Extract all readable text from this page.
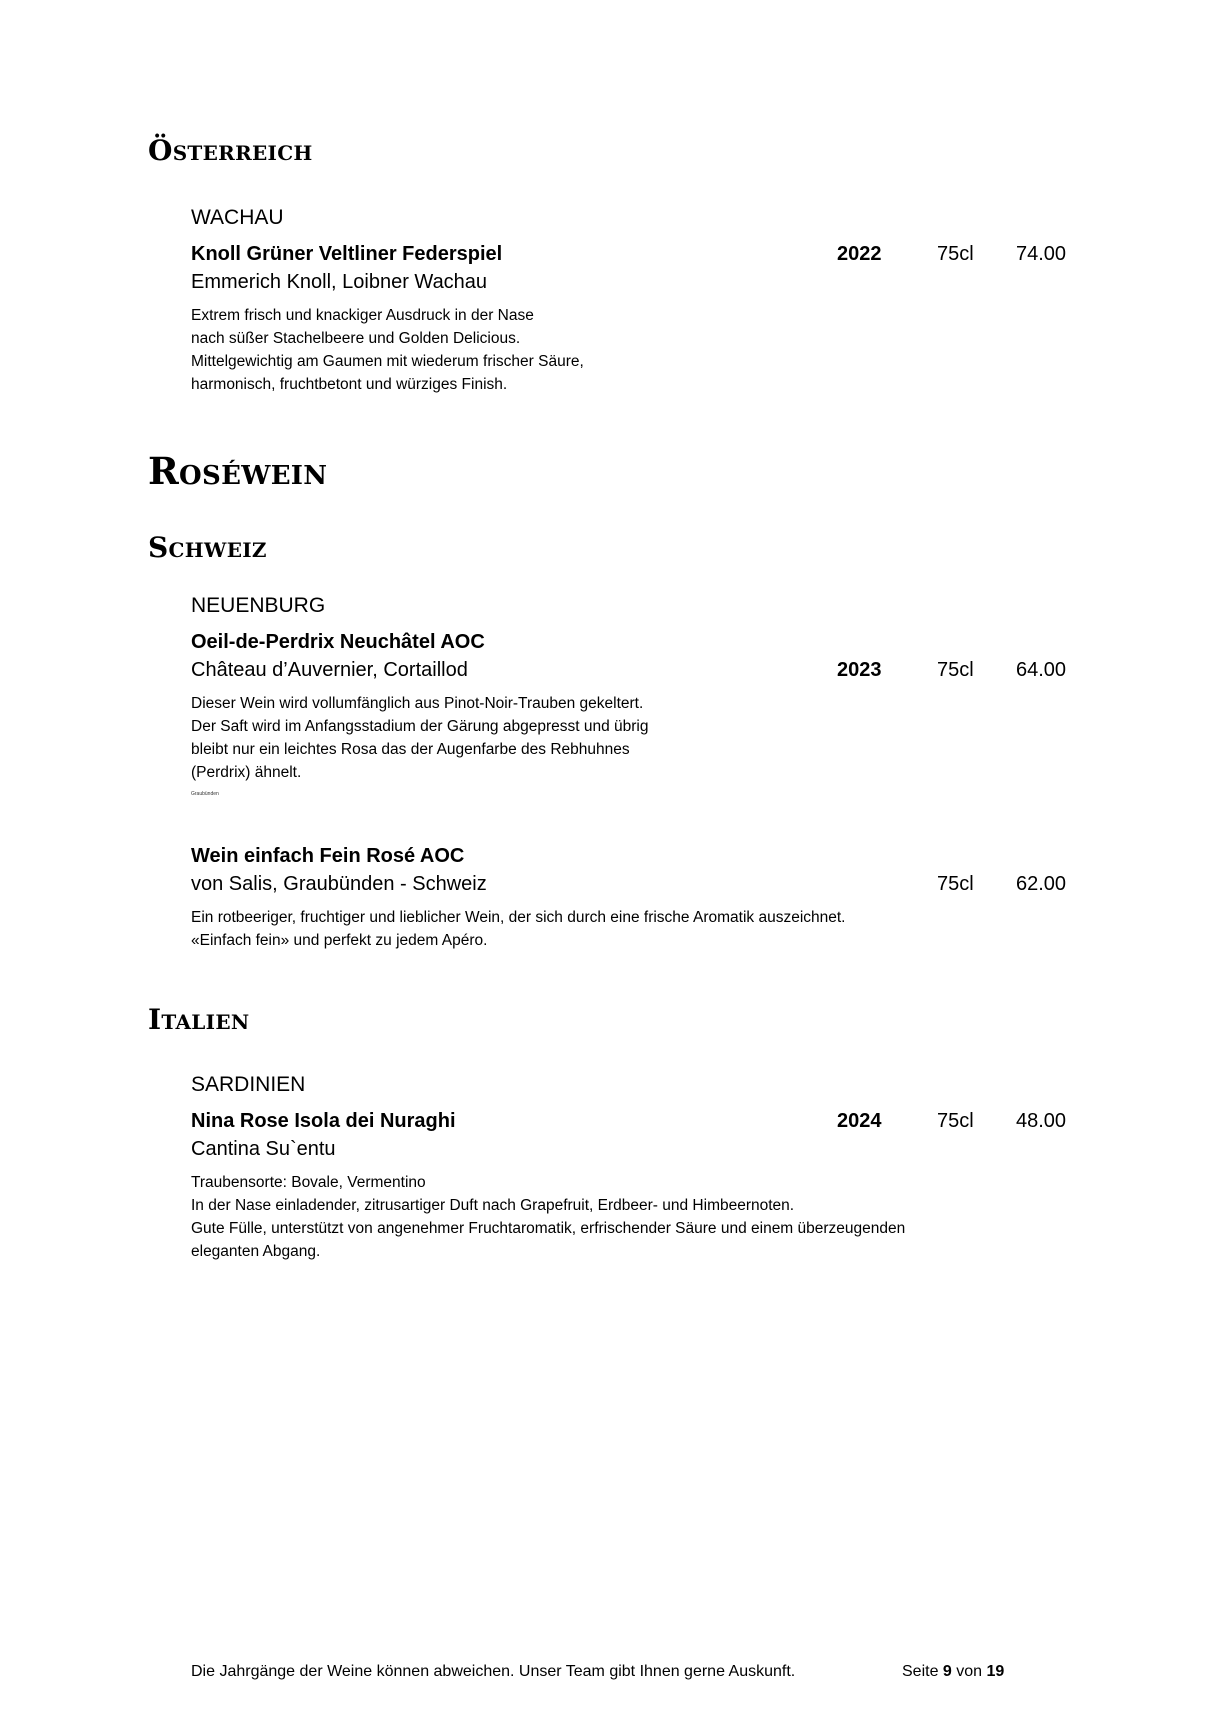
Österreich
WACHAU
Knoll Grüner Veltliner Federspiel	2022	75cl 74.00
Emmerich Knoll, Loibner Wachau

Extrem frisch und knackiger Ausdruck in der Nase

nach süßer Stachelbeere und Golden Delicious.

Mittelgewichtig am Gaumen mit wiederum frischer Säure,

harmonisch, fruchtbetont und würziges Finish.

Roséwein
Schweiz
NEUENBURG
Oeil-de-Perdrix Neuchâtel AOC
Château d’Auvernier, Cortaillod	2023	75cl 64.00

Dieser Wein wird vollumfänglich aus Pinot-Noir-Trauben gekeltert.

Der Saft wird im Anfangsstadium der Gärung abgepresst und übrig

bleibt nur ein leichtes Rosa das der Augenfarbe des Rebhuhnes

(Perdrix) ähnelt.

Graubünden
Wein einfach Fein Rosé AOC
von Salis, Graubünden - Schweiz	75cl 62.00

Ein rotbeeriger, fruchtiger und lieblicher Wein, der sich durch eine frische Aromatik auszeichnet.

«Einfach fein» und perfekt zu jedem Apéro.

Italien
SARDINIEN
Nina Rose Isola dei Nuraghi	2024	75cl 48.00
Cantina Su`entu

Traubensorte: Bovale, Vermentino

In der Nase einladender, zitrusartiger Duft nach Grapefruit, Erdbeer- und Himbeernoten.

Gute Fülle, unterstützt von angenehmer Fruchtaromatik, erfrischender Säure und einem überzeugenden

eleganten Abgang.

Die Jahrgänge der Weine können abweichen. Unser Team gibt Ihnen gerne Auskunft.	Seite 9 von 19
